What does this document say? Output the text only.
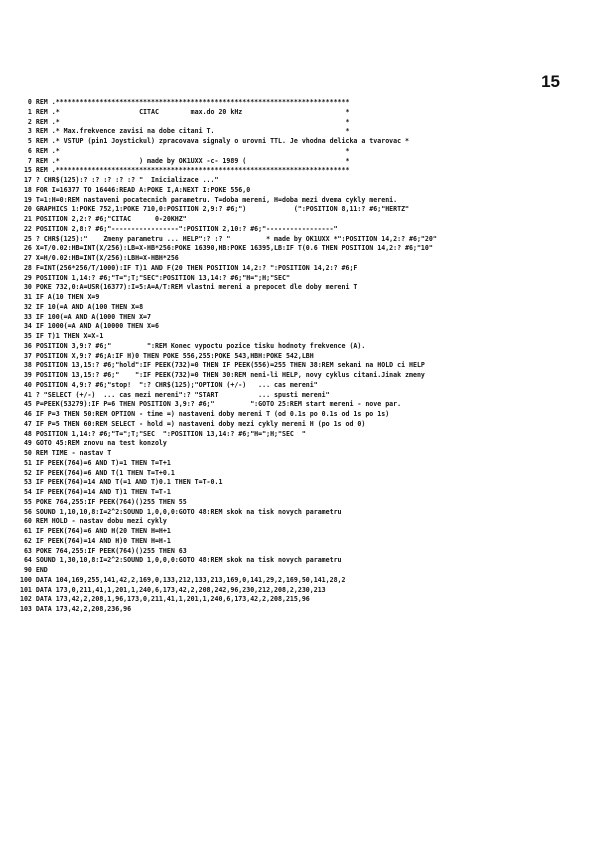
15
0 REM .**************************************************************************
1 REM .*                    CITAC        max.do 20 kHz                          *
2 REM .*                                                                        *
3 REM .* Max.frekvence zavisi na dobe citani T.                                 *
5 REM .* VSTUP (pin1 Joystickul) zpracovava signaly o urovni TTL. Je vhodna delicka a tvarovac *
6 REM .*                                                                        *
7 REM .*                    ) made by OK1UXX -c- 1989 (                         *
15 REM .**************************************************************************
17 ? CHR$(125):? :? :? :? :? "  Inicializace ..."
18 FOR I=16377 TO 16446:READ A:POKE I,A:NEXT I:POKE 556,0
19 T=1:H=0:REM nastaveni pocatecnich parametru. T=doba mereni, H=doba mezi dvema cykly mereni.
20 GRAPHICS 1:POKE 752,1:POKE 710,0:POSITION 2,9:? #6;")            (":POSITION 8,11:? #6;"HERTZ"
21 POSITION 2,2:? #6;"CITAC      0-20KHZ"
22 POSITION 2,8:? #6;"-----------------":POSITION 2,10:? #6;"-----------------"
25 ? CHR$(125):"    Zmeny parametru ... HELP":? :? "         * made by OK1UXX *":POSITION 14,2:? #6;"20"
26 X=T/0.02:HB=INT(X/256):LB=X-HB*256:POKE 16390,HB:POKE 16395,LB:IF T(0.6 THEN POSITION 14,2:? #6;"10"
27 X=H/0.02:HB=INT(X/256):LBH=X-HBH*256
28 F=INT(256*256/T/1000):IF T)1 AND F(20 THEN POSITION 14,2:? ":POSITION 14,2:? #6;F
29 POSITION 1,14:? #6;"T=";T;"SEC":POSITION 13,14:? #6;"H=";H;"SEC"
30 POKE 732,0:A=USR(16377):I=5:A=A/T:REM vlastni mereni a prepocet dle doby mereni T
31 IF A(10 THEN X=9
32 IF 10(=A AND A(100 THEN X=8
33 IF 100(=A AND A(1000 THEN X=7
34 IF 1000(=A AND A(10000 THEN X=6
35 IF T)1 THEN X=X-1
36 POSITION 3,9:? #6;"         ":REM Konec vypoctu pozice tisku hodnoty frekvence (A).
37 POSITION X,9:? #6;A:IF H)0 THEN POKE 556,255:POKE 543,HBH:POKE 542,LBH
38 POSITION 13,15:? #6;"hold":IF PEEK(732)=0 THEN IF PEEK(556)=255 THEN 38:REM sekani na HOLD ci HELP
39 POSITION 13,15:? #6;"    ":IF PEEK(732)=0 THEN 30:REM neni-li HELP, novy cyklus citani.Jinak zmeny
40 POSITION 4,9:? #6;"stop!  ":? CHR$(125);"OPTION (+/-)   ... cas mereni"
41 ? "SELECT (+/-)  ... cas mezi mereni":? "START          ... spusti mereni"
45 P=PEEK(53279):IF P=6 THEN POSITION 3,9:? #6;"         ":GOTO 25:REM start mereni - nove par.
46 IF P=3 THEN 50:REM OPTION - time =) nastaveni doby mereni T (od 0.1s po 0.1s od 1s po 1s)
47 IF P=5 THEN 60:REM SELECT - hold =) nastaveni doby mezi cykly mereni H (po 1s od 0)
48 POSITION 1,14:? #6;"T=";T;"SEC  ":POSITION 13,14:? #6;"H=";H;"SEC  "
49 GOTO 45:REM znovu na test konzoly
50 REM TIME - nastav T
51 IF PEEK(764)=6 AND T)=1 THEN T=T+1
52 IF PEEK(764)=6 AND T(1 THEN T=T+0.1
53 IF PEEK(764)=14 AND T(=1 AND T)0.1 THEN T=T-0.1
54 IF PEEK(764)=14 AND T)1 THEN T=T-1
55 POKE 764,255:IF PEEK(764)()255 THEN 55
56 SOUND 1,10,10,8:I=2^2:SOUND 1,0,0,0:GOTO 48:REM skok na tisk novych parametru
60 REM HOLD - nastav dobu mezi cykly
61 IF PEEK(764)=6 AND H(20 THEN H=H+1
62 IF PEEK(764)=14 AND H)0 THEN H=H-1
63 POKE 764,255:IF PEEK(764)()255 THEN 63
64 SOUND 1,30,10,8:I=2^2:SOUND 1,0,0,0:GOTO 48:REM skok na tisk novych parametru
90 END
100 DATA 104,169,255,141,42,2,169,0,133,212,133,213,169,0,141,29,2,169,50,141,28,2
101 DATA 173,0,211,41,1,201,1,240,6,173,42,2,208,242,96,230,212,208,2,230,213
102 DATA 173,42,2,208,1,96,173,0,211,41,1,201,1,240,6,173,42,2,208,215,96
103 DATA 173,42,2,208,236,96
